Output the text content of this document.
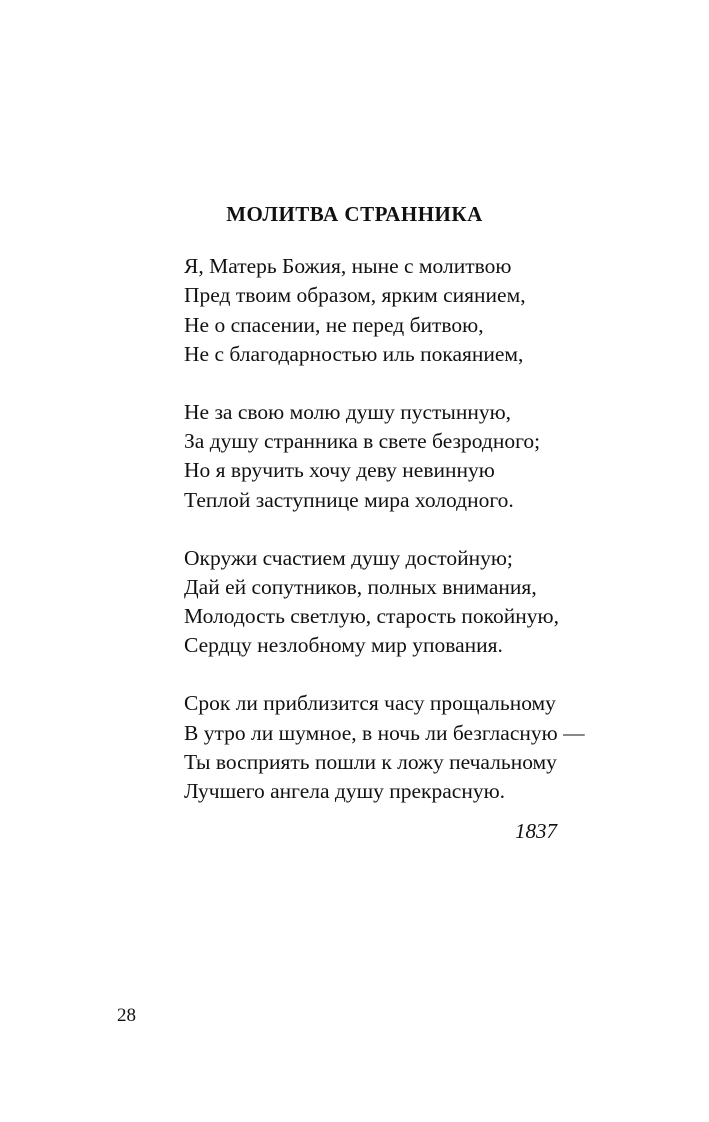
МОЛИТВА СТРАННИКА
Я, Матерь Божия, ныне с молитвою
Пред твоим образом, ярким сиянием,
Не о спасении, не перед битвою,
Не с благодарностью иль покаянием,
Не за свою молю душу пустынную,
За душу странника в свете безродного;
Но я вручить хочу деву невинную
Теплой заступнице мира холодного.
Окружи счастием душу достойную;
Дай ей сопутников, полных внимания,
Молодость светлую, старость покойную,
Сердцу незлобному мир упования.
Срок ли приблизится часу прощальному
В утро ли шумное, в ночь ли безгласную —
Ты восприять пошли к ложу печальному
Лучшего ангела душу прекрасную.
1837
28
